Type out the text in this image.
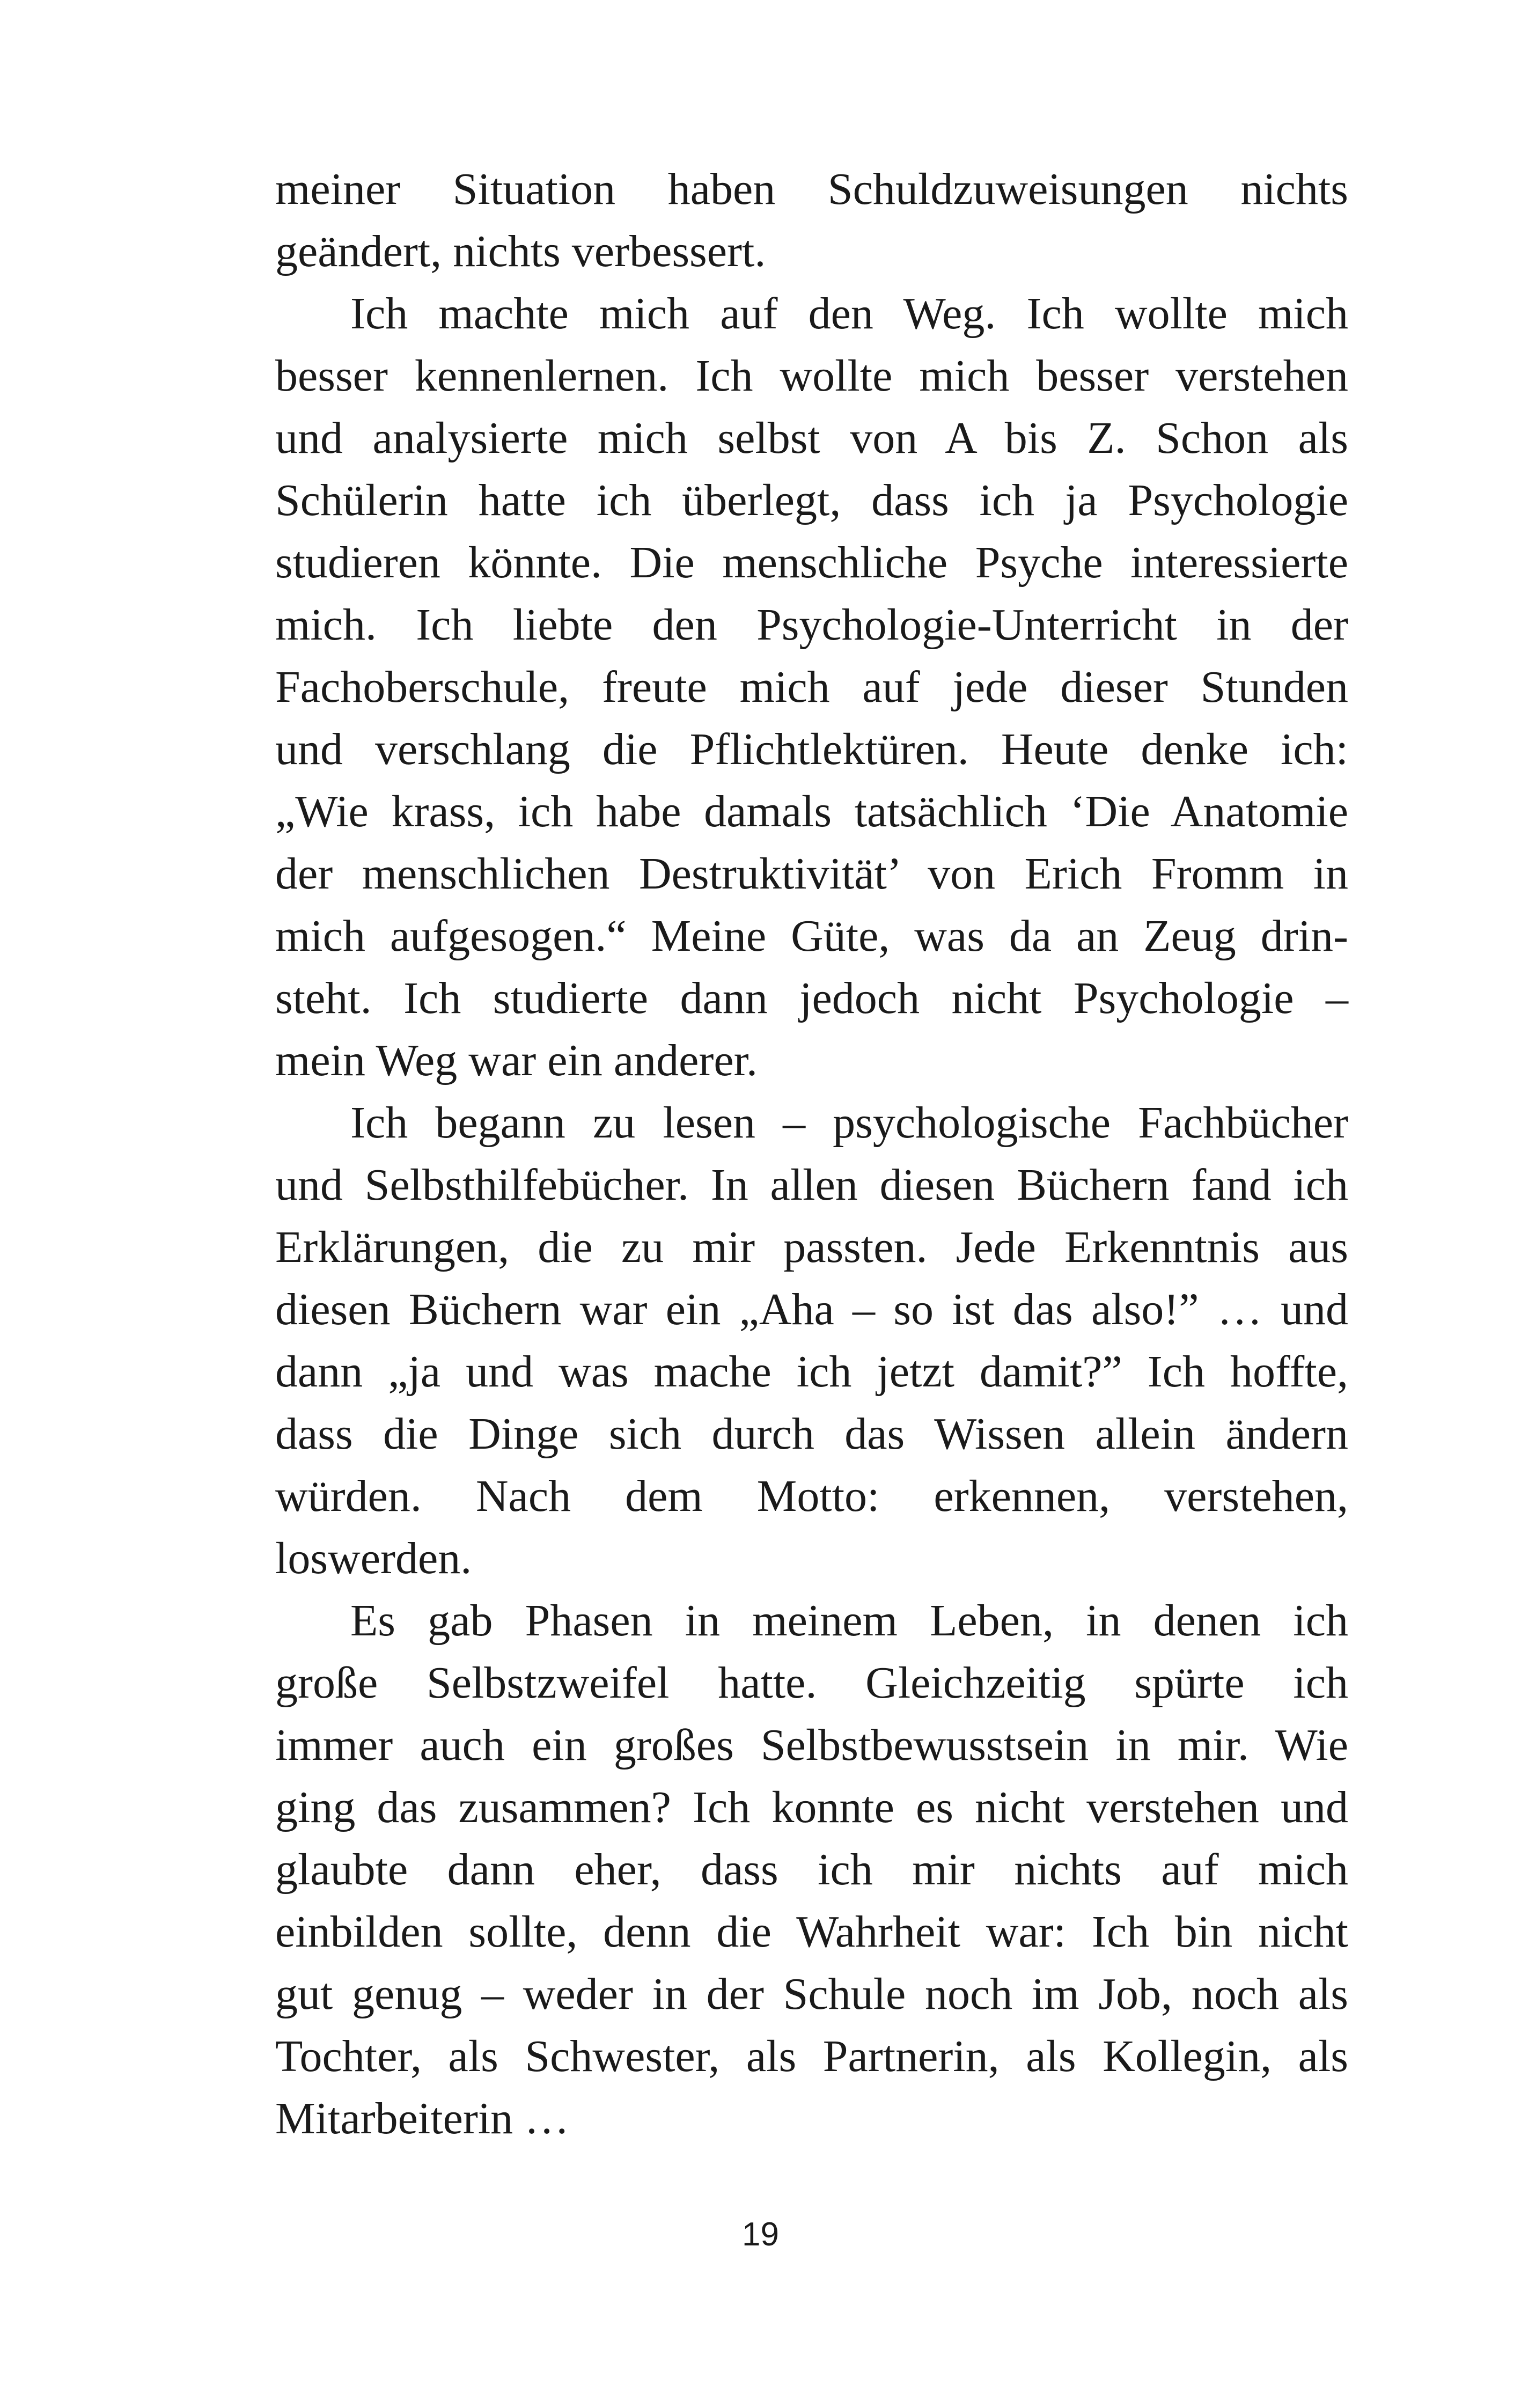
meiner Situation haben Schuldzuweisungen nichts
geändert, nichts verbessert.
Ich machte mich auf den Weg. Ich wollte mich
besser kennenlernen. Ich wollte mich besser verstehen
und analysierte mich selbst von A bis Z. Schon als
Schülerin hatte ich überlegt, dass ich ja Psychologie
studieren könnte. Die menschliche Psyche interessierte
mich. Ich liebte den Psychologie-Unterricht in der
Fachoberschule, freute mich auf jede dieser Stunden
und verschlang die Pflichtlektüren. Heute denke ich:
„Wie krass, ich habe damals tatsächlich ‘Die Anatomie
der menschlichen Destruktivität’ von Erich Fromm in
mich aufgesogen.“ Meine Güte, was da an Zeug drin-
steht. Ich studierte dann jedoch nicht Psychologie –
mein Weg war ein anderer.
Ich begann zu lesen – psychologische Fachbücher
und Selbsthilfebücher. In allen diesen Büchern fand ich
Erklärungen, die zu mir passten. Jede Erkenntnis aus
diesen Büchern war ein „Aha – so ist das also!” … und
dann „ja und was mache ich jetzt damit?” Ich hoffte,
dass die Dinge sich durch das Wissen allein ändern
würden. Nach dem Motto: erkennen, verstehen,
loswerden.
Es gab Phasen in meinem Leben, in denen ich
große Selbstzweifel hatte. Gleichzeitig spürte ich
immer auch ein großes Selbstbewusstsein in mir. Wie
ging das zusammen? Ich konnte es nicht verstehen und
glaubte dann eher, dass ich mir nichts auf mich
einbilden sollte, denn die Wahrheit war: Ich bin nicht
gut genug – weder in der Schule noch im Job, noch als
Tochter, als Schwester, als Partnerin, als Kollegin, als
Mitarbeiterin …
19
